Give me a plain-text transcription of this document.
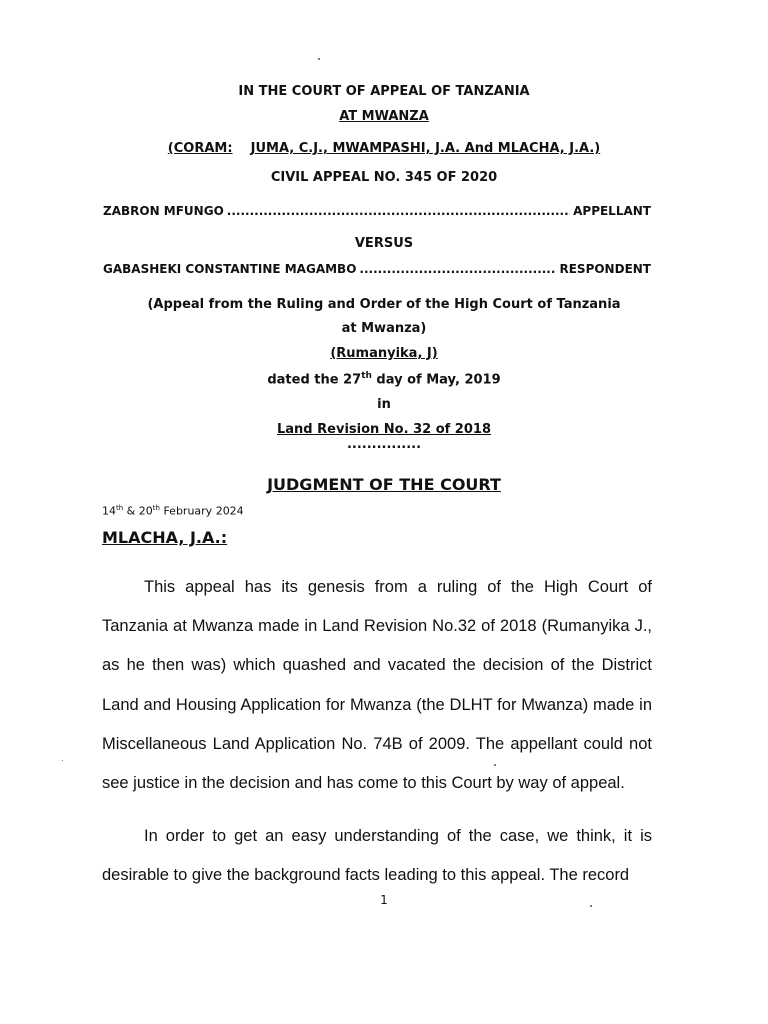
IN THE COURT OF APPEAL OF TANZANIA
AT MWANZA
(CORAM: JUMA, C.J., MWAMPASHI, J.A. And MLACHA, J.A.)
CIVIL APPEAL NO. 345 OF 2020
ZABRON MFUNGO .....	APPELLANT
VERSUS
GABASHEKI CONSTANTINE MAGAMBO .....	RESPONDENT
(Appeal from the Ruling and Order of the High Court of Tanzania
at Mwanza)
(Rumanyika, J)
dated the 27th day of May, 2019
in
Land Revision No. 32 of 2018
...............
JUDGMENT OF THE COURT
14th & 20th February 2024
MLACHA, J.A.:

This appeal has its genesis from a ruling of the High Court of Tanzania at Mwanza made in Land Revision No.32 of 2018 (Rumanyika J., as he then was) which quashed and vacated the decision of the District Land and Housing Application for Mwanza (the DLHT for Mwanza) made in Miscellaneous Land Application No. 74B of 2009. The appellant could not see justice in the decision and has come to this Court by way of appeal.

In order to get an easy understanding of the case, we think, it is desirable to give the background facts leading to this appeal. The record

1
